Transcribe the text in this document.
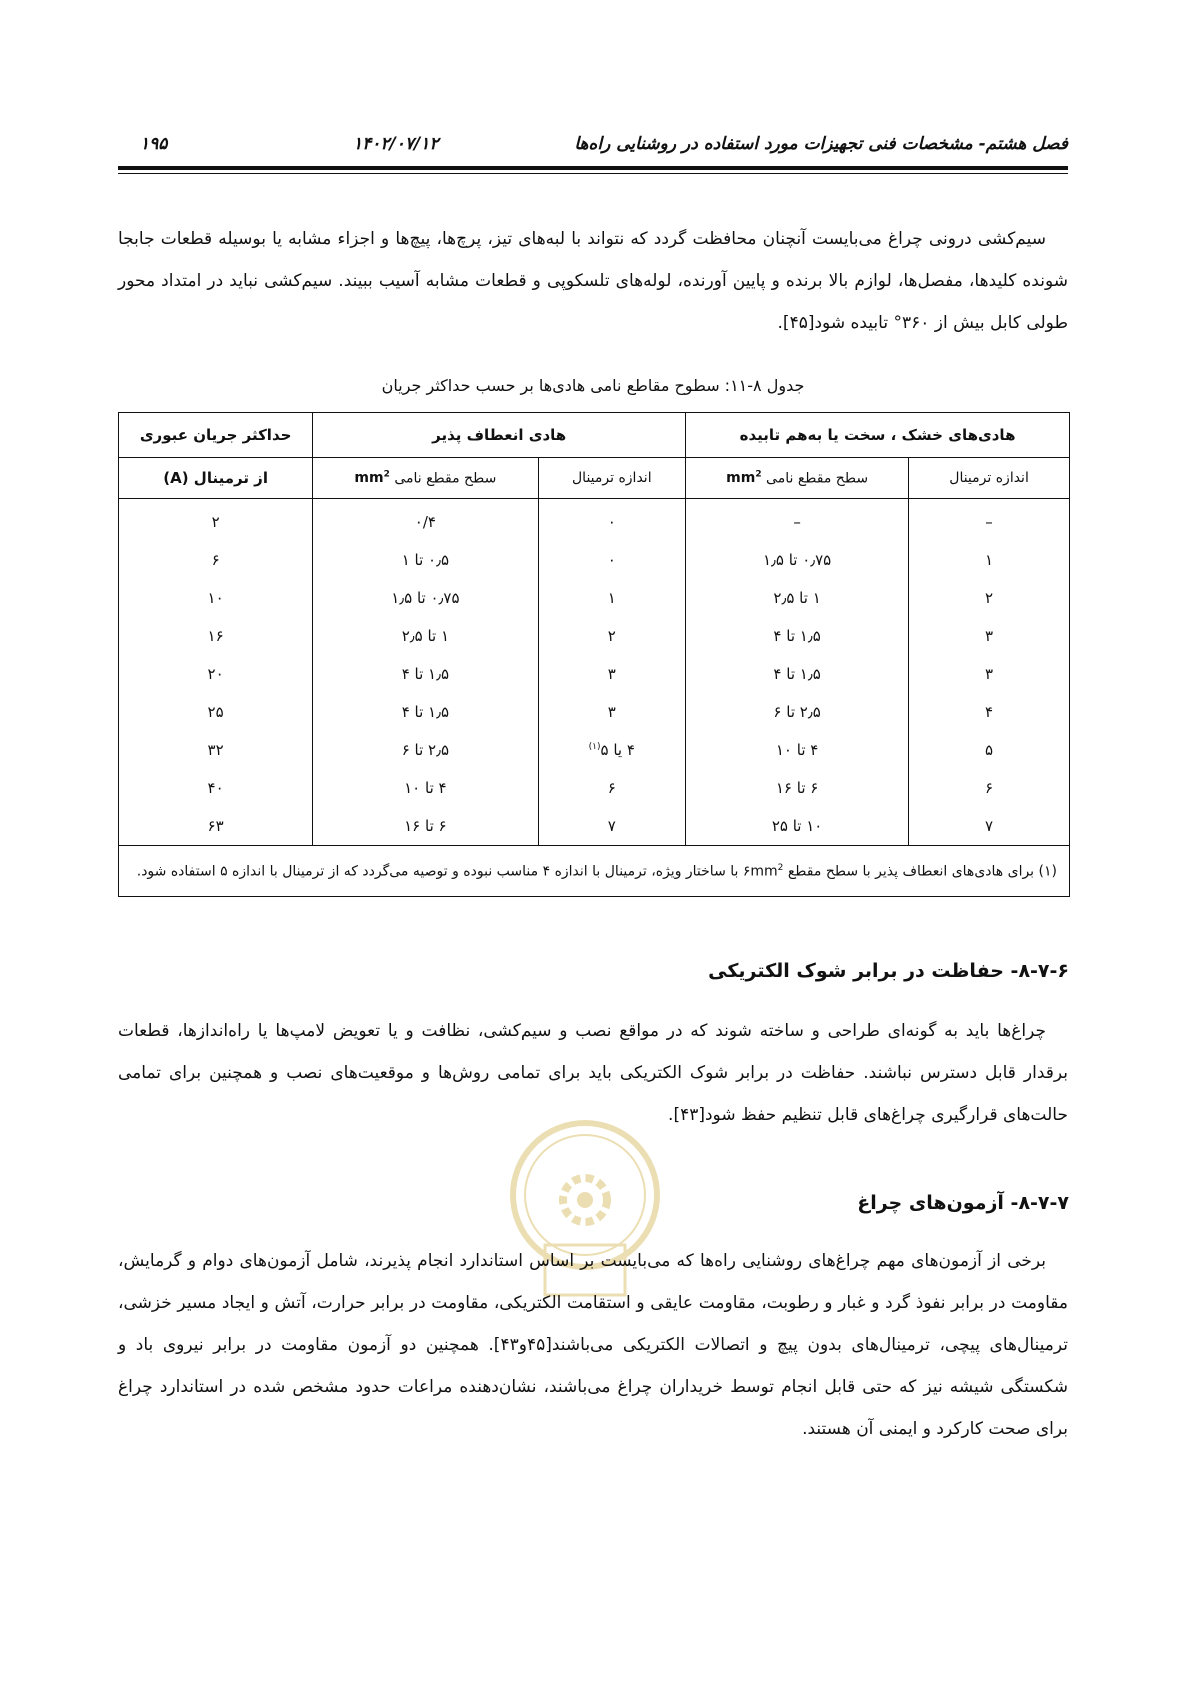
فصل هشتم- مشخصات فنی تجهیزات مورد استفاده در روشنایی راه‌ها
۱۴۰۲/۰۷/۱۲
۱۹۵
سیم‌کشی درونی چراغ می‌بایست آنچنان محافظت گردد که نتواند با لبه‌های تیز، پرچ‌ها، پیچ‌ها و اجزاء مشابه یا بوسیله قطعات جابجا شونده کلیدها، مفصل‌ها، لوازم بالا برنده و پایین آورنده، لوله‌های تلسکوپی و قطعات مشابه آسیب ببیند. سیم‌کشی نباید در امتداد محور طولی کابل بیش از ۳۶۰° تابیده شود[۴۵].
جدول ۸-۱۱: سطوح مقاطع نامی هادی‌ها بر حسب حداکثر جریان
هادی‌های خشک ، سخت یا به‌هم تابیده		هادی انعطاف پذیر		حداکثر جریان عبوری
اندازه ترمینال	سطح مقطع نامی $mm^2$	اندازه ترمینال	سطح مقطع نامی $mm^2$	از ترمینال (A)
–	–	۰	۰/۴	۲
۱	۰٫۷۵ تا ۱٫۵	۰	۰٫۵ تا ۱	۶
۲	۱ تا ۲٫۵	۱	۰٫۷۵ تا ۱٫۵	۱۰
۳	۱٫۵ تا ۴	۲	۱ تا ۲٫۵	۱۶
۳	۱٫۵ تا ۴	۳	۱٫۵ تا ۴	۲۰
۴	۲٫۵ تا ۶	۳	۱٫۵ تا ۴	۲۵
۵	۴ تا ۱۰	۴ یا ۵$^{(۱)}$	۲٫۵ تا ۶	۳۲
۶	۶ تا ۱۶	۶	۴ تا ۱۰	۴۰
۷	۱۰ تا ۲۵	۷	۶ تا ۱۶	۶۳
(۱) برای هادی‌های انعطاف پذیر با سطح مقطع $۶mm^2$ با ساختار ویژه، ترمینال با اندازه ۴ مناسب نبوده و توصیه می‌گردد که از ترمینال با اندازه ۵ استفاده شود.				
۸-۷-۶- حفاظت در برابر شوک الکتریکی
چراغ‌ها باید به گونه‌ای طراحی و ساخته شوند که در مواقع نصب و سیم‌کشی، نظافت و یا تعویض لامپ‌ها یا راه‌اندازها، قطعات برقدار قابل دسترس نباشند. حفاظت در برابر شوک الکتریکی باید برای تمامی روش‌ها و موقعیت‌های نصب و همچنین برای تمامی حالت‌های قرارگیری چراغ‌های قابل تنظیم حفظ شود[۴۳].
۸-۷-۷- آزمون‌های چراغ
برخی از آزمون‌های مهم چراغ‌های روشنایی راه‌ها که می‌بایست بر اساس استاندارد انجام پذیرند، شامل آزمون‌های دوام و گرمایش، مقاومت در برابر نفوذ گرد و غبار و رطوبت، مقاومت عایقی و استقامت الکتریکی، مقاومت در برابر حرارت، آتش و ایجاد مسیر خزشی، ترمینال‌های پیچی، ترمینال‌های بدون پیچ و اتصالات الکتریکی می‌باشند[۴۵و۴۳]. همچنین دو آزمون مقاومت در برابر نیروی باد و شکستگی شیشه نیز که حتی قابل انجام توسط خریداران چراغ می‌باشند، نشان‌دهنده مراعات حدود مشخص شده در استاندارد چراغ برای صحت کارکرد و ایمنی آن هستند.
